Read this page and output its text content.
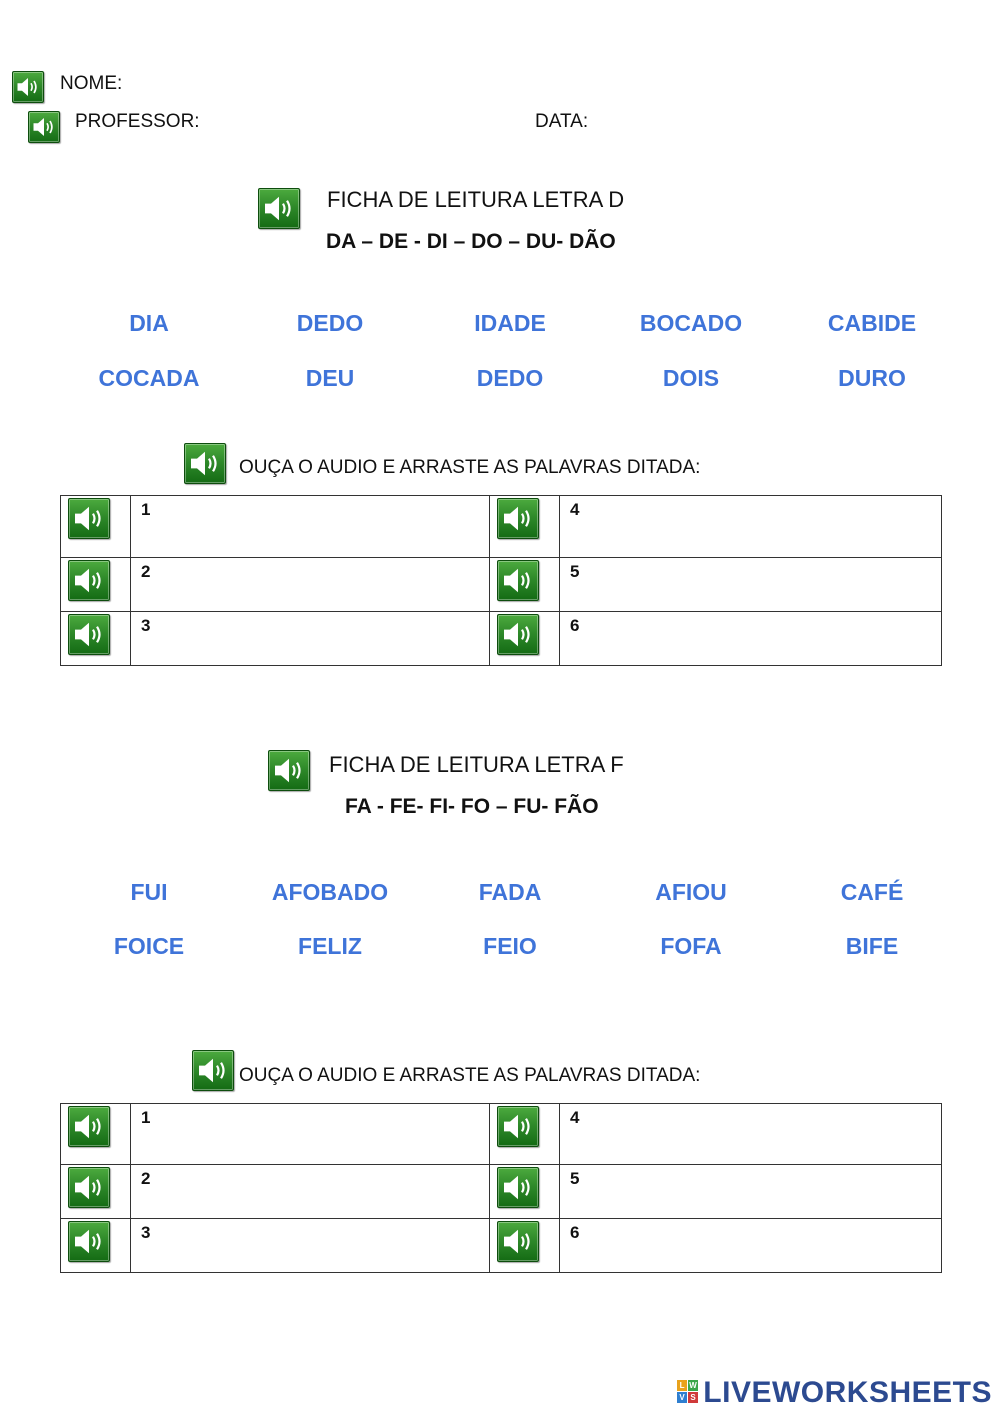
NOME:
PROFESSOR:	DATA:
FICHA DE LEITURA LETRA D
DA – DE - DI – DO – DU- DÃO
DIA	DEDO	IDADE	BOCADO	CABIDE
COCADA	DEU	DEDO	DOIS	DURO
OUÇA O AUDIO E ARRASTE AS PALAVRAS DITADA:

1		4

2		5

3		6
FICHA DE LEITURA LETRA F
FA - FE- FI- FO – FU- FÃO
FUI	AFOBADO	FADA	AFIOU	CAFÉ
FOICE	FELIZ	FEIO	FOFA	BIFE
OUÇA O AUDIO E ARRASTE AS PALAVRAS DITADA:

1		4

2		5

3		6
L W
V S LIVEWORKSHEETS
